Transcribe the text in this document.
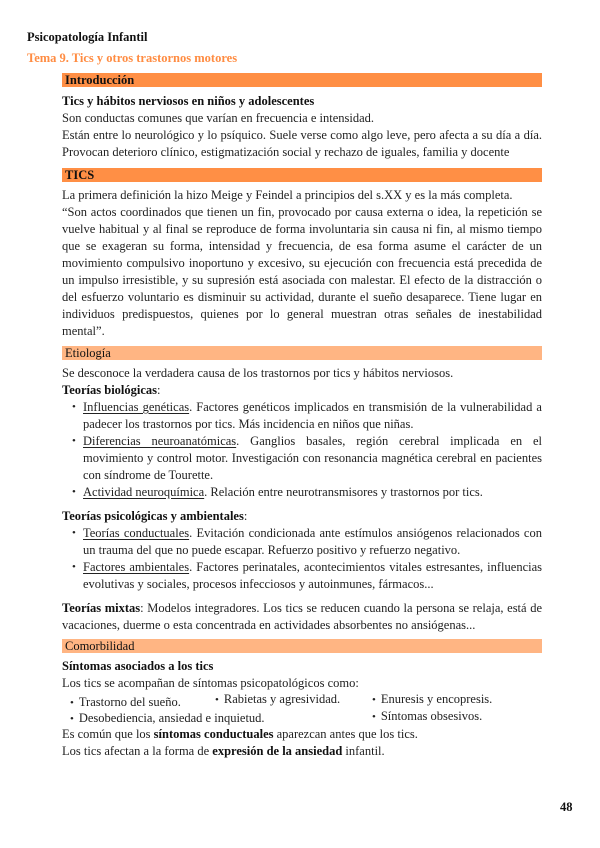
Psicopatología Infantil
Tema 9. Tics y otros trastornos motores
Introducción

Tics y hábitos nerviosos en niños y adolescentes

Son conductas comunes que varían en frecuencia e intensidad.

Están entre lo neurológico y lo psíquico. Suele verse como algo leve, pero afecta a su día a día. Provocan deterioro clínico, estigmatización social y rechazo de iguales, familia y docente

TICS

La primera definición la hizo Meige y Feindel a principios del s.XX y es la más completa.

“Son actos coordinados que tienen un fin, provocado por causa externa o idea, la repetición se vuelve habitual y al final se reproduce de forma involuntaria sin causa ni fin, al mismo tiempo que se exageran su forma, intensidad y frecuencia, de esa forma asume el carácter de un movimiento compulsivo inoportuno y excesivo, su ejecución con frecuencia está precedida de un impulso irresistible, y su supresión está asociada con malestar. El efecto de la distracción o del esfuerzo voluntario es disminuir su actividad, durante el sueño desaparece. Tiene lugar en individuos predispuestos, quienes por lo general muestran otras señales de inestabilidad mental”.

Etiología

Se desconoce la verdadera causa de los trastornos por tics y hábitos nerviosos.

Teorías biológicas:

• Influencias genéticas. Factores genéticos implicados en transmisión de la vulnerabilidad a padecer los trastornos por tics. Más incidencia en niños que niñas.
• Diferencias neuroanatómicas. Ganglios basales, región cerebral implicada en el movimiento y control motor. Investigación con resonancia magnética cerebral en pacientes con síndrome de Tourette.
• Actividad neuroquímica. Relación entre neurotransmisores y trastornos por tics.

Teorías psicológicas y ambientales:

• Teorías conductuales. Evitación condicionada ante estímulos ansiógenos relacionados con un trauma del que no puede escapar. Refuerzo positivo y refuerzo negativo.
• Factores ambientales. Factores perinatales, acontecimientos vitales estresantes, influencias evolutivas y sociales, procesos infecciosos y autoinmunes, fármacos...

Teorías mixtas: Modelos integradores. Los tics se reducen cuando la persona se relaja, está de vacaciones, duerme o esta concentrada en actividades absorbentes no ansiógenas...

Comorbilidad

Síntomas asociados a los tics

Los tics se acompañan de síntomas psicopatológicos como:

• Trastorno del sueño.	• Rabietas y agresividad.	• Enuresis y encopresis.
• Desobediencia, ansiedad e inquietud.	• Síntomas obsesivos.

Es común que los síntomas conductuales aparezcan antes que los tics.

Los tics afectan a la forma de expresión de la ansiedad infantil.

48
